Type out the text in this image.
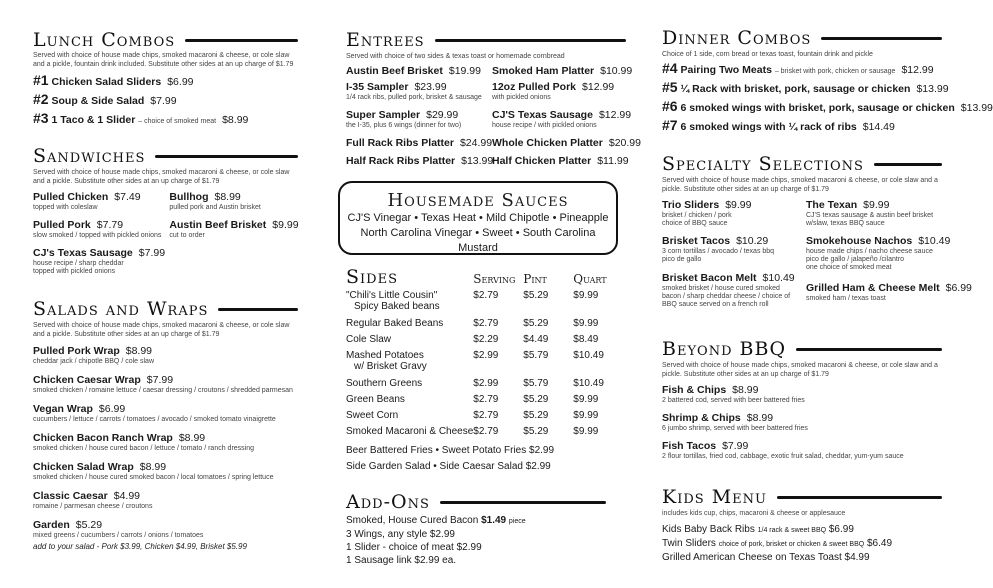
Lunch Combos
Served with choice of house made chips, smoked macaroni & cheese, or cole slaw and a pickle, fountain drink included. Substitute other sides at an up charge of $1.79
#1 Chicken Salad Sliders $6.99
#2 Soup & Side Salad $7.99
#3 1 Taco & 1 Slider – choice of smoked meat $8.99
Sandwiches
Served with choice of house made chips, smoked macaroni & cheese, or cole slaw and a pickle. Substitute other sides at an up charge of $1.79
Pulled Chicken $7.49
topped with coleslaw
Bullhog $8.99
pulled pork and Austin brisket
Pulled Pork $7.79
slow smoked / topped with pickled onions
Austin Beef Brisket $9.99
cut to order
CJ's Texas Sausage $7.99
house recipe / sharp cheddar
topped with pickled onions
Salads and Wraps
Served with choice of house made chips, smoked macaroni & cheese, or cole slaw and a pickle. Substitute other sides at an up charge of $1.79
Pulled Pork Wrap $8.99
cheddar jack / chipotle BBQ / cole slaw
Chicken Caesar Wrap $7.99
smoked chicken / romaine lettuce / caesar dressing / croutons / shredded parmesan
Vegan Wrap $6.99
cucumbers / lettuce / carrots / tomatoes / avocado / smoked tomato vinaigrette
Chicken Bacon Ranch Wrap $8.99
smoked chicken / house cured bacon / lettuce / tomato / ranch dressing
Chicken Salad Wrap $8.99
smoked chicken / house cured smoked bacon / local tomatoes / spring lettuce
Classic Caesar $4.99
romaine / parmesan cheese / croutons
Garden $5.29
mixed greens / cucumbers / carrots / onions / tomatoes
add to your salad - Pork $3.99, Chicken $4.99, Brisket $5.99
Entrees
Served with choice of two sides & texas toast or homemade cornbread
Austin Beef Brisket $19.99 Smoked Ham Platter $10.99
I-35 Sampler $23.99
1/4 rack ribs, pulled pork, brisket & sausage
12oz Pulled Pork $12.99
with pickled onions
Super Sampler $29.99
the I-35, plus 6 wings (dinner for two)
CJ'S Texas Sausage $12.99
house recipe / with pickled onions
Full Rack Ribs Platter $24.99 Whole Chicken Platter $20.99
Half Rack Ribs Platter $13.99
Half Chicken Platter $11.99
Housemade Sauces
CJ'S Vinegar • Texas Heat • Mild Chipotle • Pineapple
North Carolina Vinegar • Sweet • South Carolina Mustard
Sides	Serving	Pint	Quart

"Chili's Little Cousin"
Spicy Baked beans	$2.79	$5.29	$9.99
Regular Baked Beans	$2.79	$5.29	$9.99
Cole Slaw	$2.29	$4.49	$8.49

Mashed Potatoes
w/ Brisket Gravy	$2.99	$5.79	$10.49
Southern Greens	$2.99	$5.79	$10.49
Green Beans	$2.79	$5.29	$9.99
Sweet Corn	$2.79	$5.29	$9.99
Smoked Macaroni & Cheese	$2.79	$5.29	$9.99
Beer Battered Fries • Sweet Potato Fries $2.99
Side Garden Salad • Side Caesar Salad $2.99
Add-Ons
Smoked, House Cured Bacon $1.49 piece
3 Wings, any style $2.99
1 Slider - choice of meat $2.99
1 Sausage link $2.99 ea.
Dinner Combos
Choice of 1 side, corn bread or texas toast, fountain drink and pickle
#4 Pairing Two Meats – brisket with pork, chicken or sausage $12.99
#5 ¼ Rack with brisket, pork, sausage or chicken $13.99
#6 6 smoked wings with brisket, pork, sausage or chicken $13.99
#7 6 smoked wings with ¼ rack of ribs $14.49
Specialty Selections
Served with choice of house made chips, smoked macaroni & cheese, or cole slaw and a pickle. Substitute other sides at an up charge of $1.79
Trio Sliders $9.99
brisket / chicken / pork
choice of BBQ sauce
The Texan $9.99
CJ'S texas sausage & austin beef brisket
w/slaw, texas BBQ sauce
Brisket Tacos $10.29
3 corn tortillas / avocado / texas bbq
pico de gallo
Smokehouse Nachos $10.49
house made chips / nacho cheese sauce
pico de gallo / jalapeño /cilantro
one choice of smoked meat
Brisket Bacon Melt $10.49
smoked brisket / house cured smoked
bacon / sharp cheddar cheese / choice of
BBQ sauce served on a french roll
Grilled Ham & Cheese Melt $6.99
smoked ham / texas toast
Beyond BBQ
Served with choice of house made chips, smoked macaroni & cheese, or cole slaw and a pickle. Substitute other sides at an up charge of $1.79
Fish & Chips $8.99
2 battered cod, served with beer battered fries
Shrimp & Chips $8.99
6 jumbo shrimp, served with beer battered fries
Fish Tacos $7.99
2 flour tortillas, fried cod, cabbage, exotic fruit salad, cheddar, yum-yum sauce
Kids Menu
includes kids cup, chips, macaroni & cheese or applesauce
Kids Baby Back Ribs 1/4 rack & sweet BBQ $6.99
Twin Sliders choice of pork, brisket or chicken & sweet BBQ $6.49
Grilled American Cheese on Texas Toast $4.99
